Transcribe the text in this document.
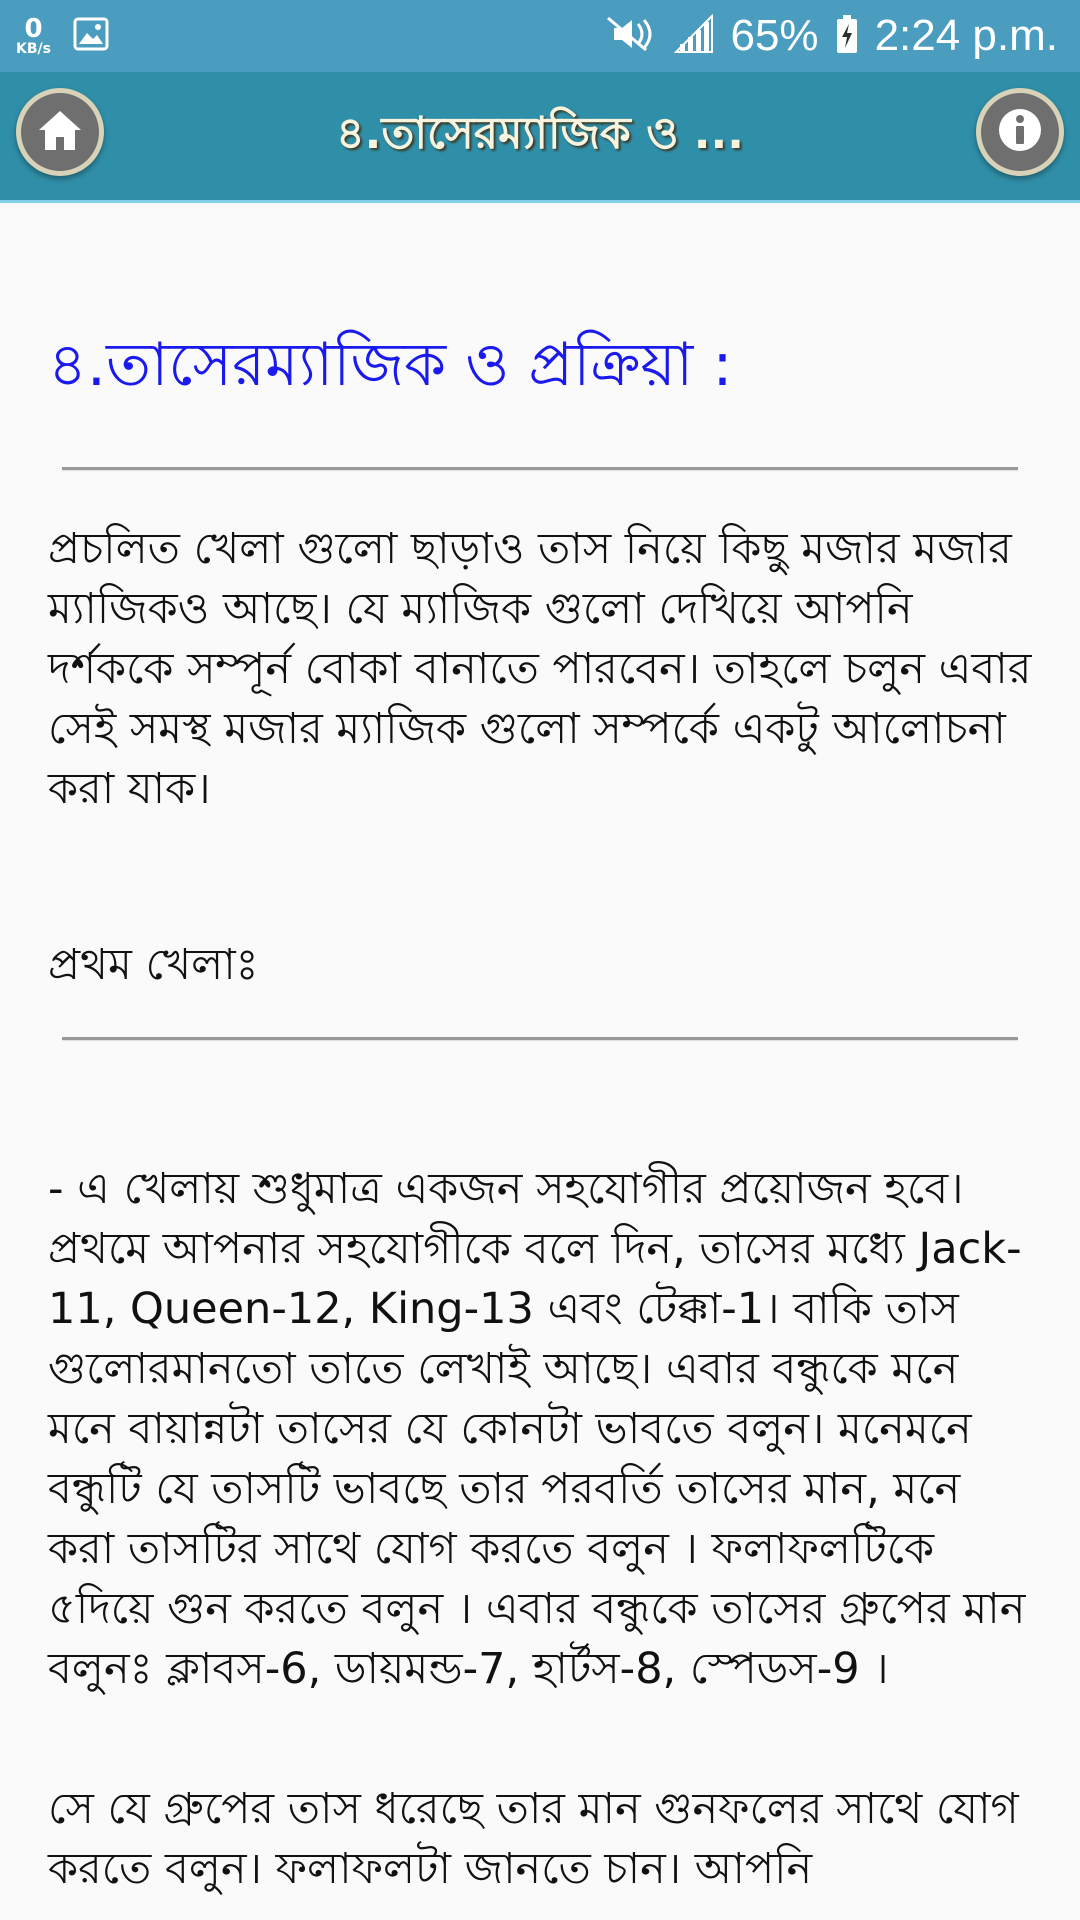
0
KB/s	65% 2:24 p.m.
৪.তাসেরম্যাজিক ও ...
৪.তাসেরম্যাজিক ও প্রক্রিয়া :
প্রচলিত খেলা গুলো ছাড়াও তাস নিয়ে কিছু মজার মজার ম্যাজিকও আছে। যে ম্যাজিক গুলো দেখিয়ে আপনি দর্শককে সম্পূর্ন বোকা বানাতে পারবেন। তাহলে চলুন এবার সেই সমস্থ মজার ম্যাজিক গুলো সম্পর্কে একটু আলোচনা করা যাক।
প্রথম খেলাঃ
- এ খেলায় শুধুমাত্র একজন সহযোগীর প্রয়োজন হবে। প্রথমে আপনার সহযোগীকে বলে দিন, তাসের মধ্যে Jack-11, Queen-12, King-13 এবং টেক্কা-1। বাকি তাস গুলোরমানতো তাতে লেখাই আছে। এবার বন্ধুকে মনে মনে বায়ান্নটা তাসের যে কোনটা ভাবতে বলুন। মনেমনে বন্ধুটি যে তাসটি ভাবছে তার পরবর্তি তাসের মান, মনে করা তাসটির সাথে যোগ করতে বলুন । ফলাফলটিকে ৫দিয়ে গুন করতে বলুন । এবার বন্ধুকে তাসের গ্রুপের মান বলুনঃ ক্লাবস-6, ডায়মন্ড-7, হার্টস-8, স্পেডস-9 ।
সে যে গ্রুপের তাস ধরেছে তার মান গুনফলের সাথে যোগ করতে বলুন। ফলাফলটা জানতে চান। আপনি
